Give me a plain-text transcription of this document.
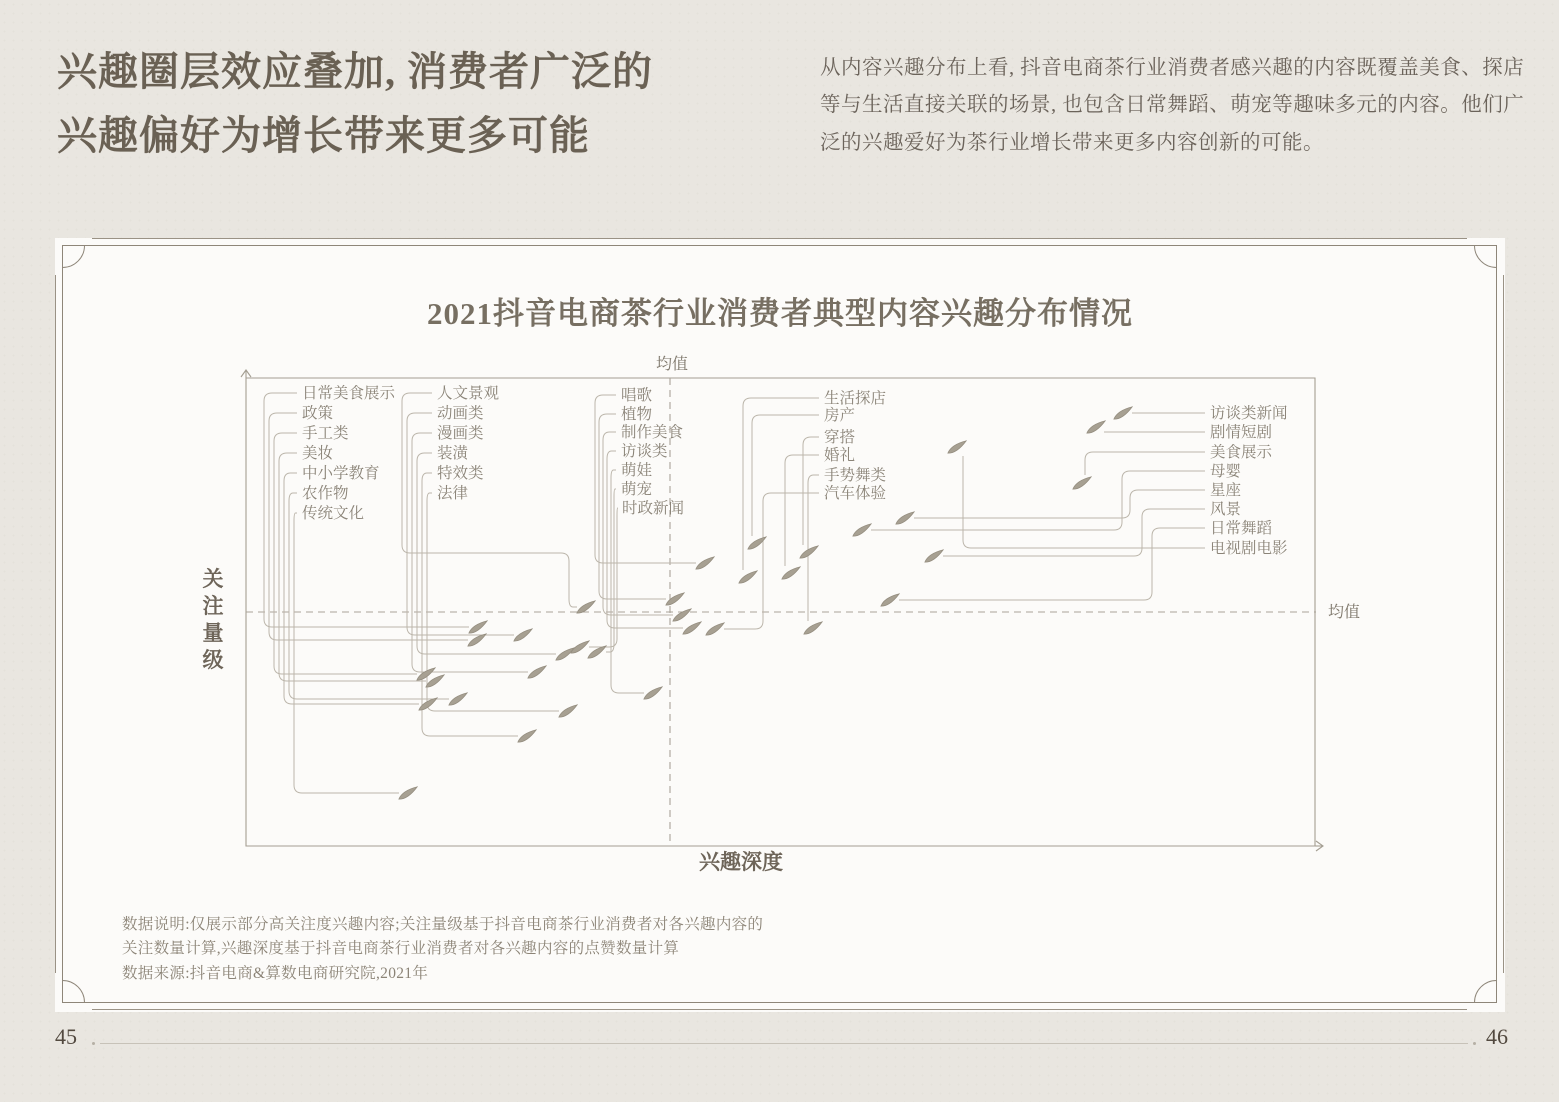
兴趣圈层效应叠加, 消费者广泛的
兴趣偏好为增长带来更多可能

从内容兴趣分布上看, 抖音电商茶行业消费者感兴趣的内容既覆盖美食、探店等与生活直接关联的场景, 也包含日常舞蹈、萌宠等趣味多元的内容。他们广泛的兴趣爱好为茶行业增长带来更多内容创新的可能。

2021抖音电商茶行业消费者典型内容兴趣分布情况
均值
均值
日常美食展示
政策
手工类
美妆
中小学教育
农作物
传统文化
人文景观
动画类
漫画类
装潢
特效类
法律
唱歌
植物
制作美食
访谈类
萌娃
萌宠
时政新闻
生活探店
房产
穿搭
婚礼
手势舞类
汽车体验
访谈类新闻
剧情短剧
美食展示
母婴
星座
风景
日常舞蹈
电视剧电影
关
注
量
级
兴趣深度
数据说明:仅展示部分高关注度兴趣内容;关注量级基于抖音电商茶行业消费者对各兴趣内容的
关注数量计算,兴趣深度基于抖音电商茶行业消费者对各兴趣内容的点赞数量计算
数据来源:抖音电商&算数电商研究院,2021年
45	46
